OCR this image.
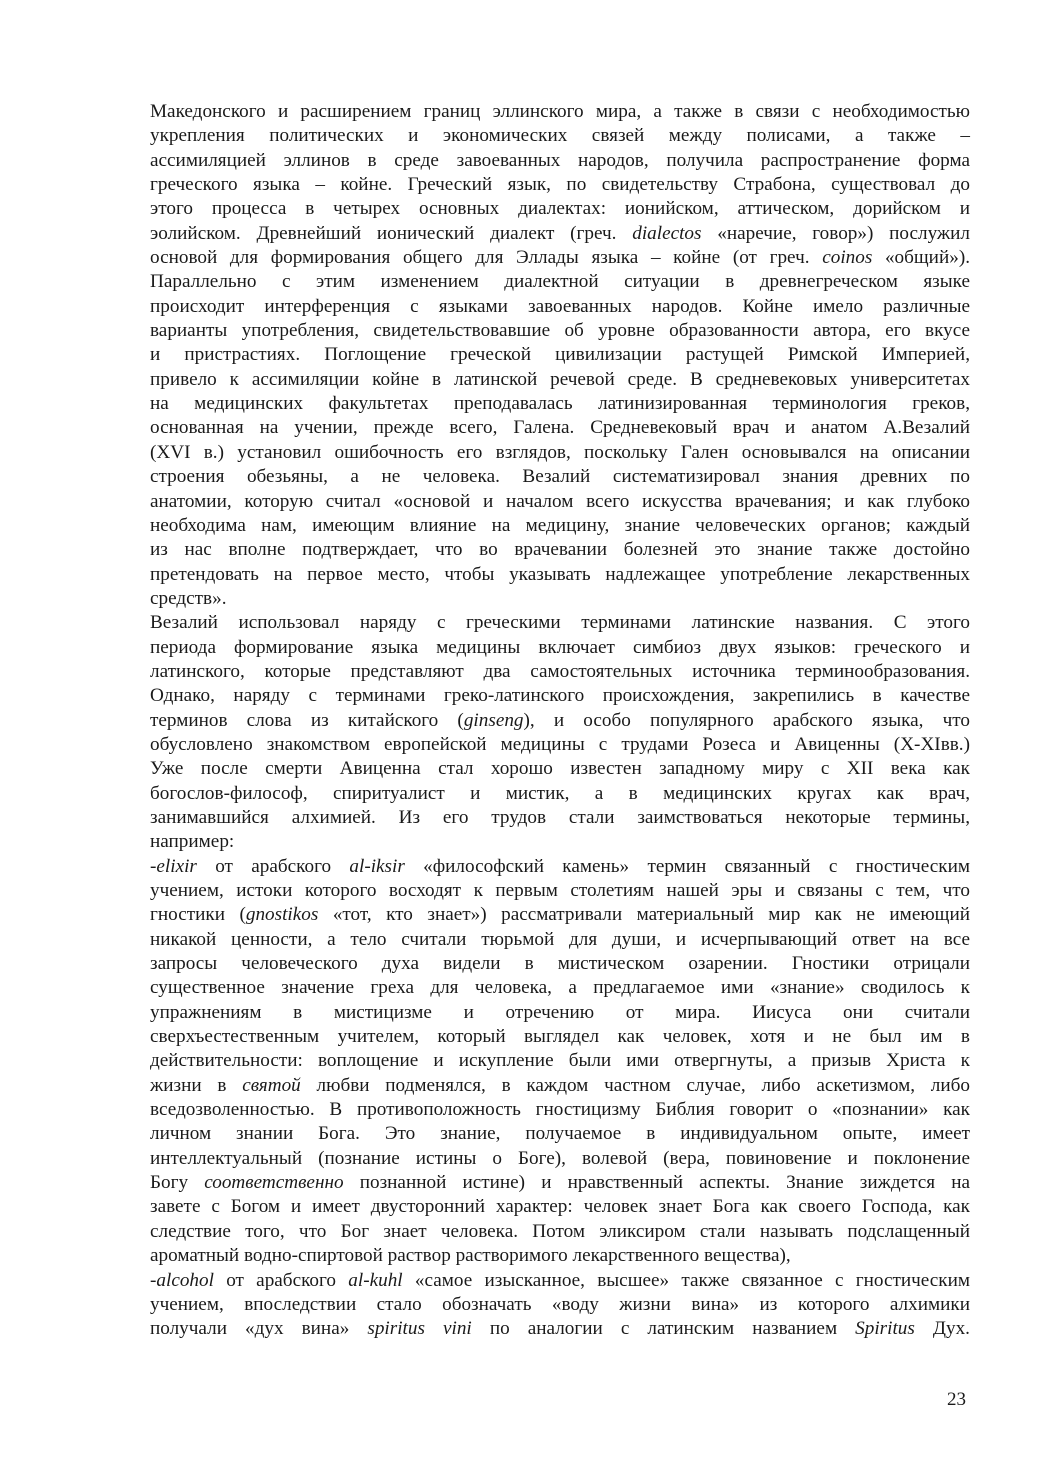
Македонского и расширением границ эллинского мира, а также в связи с необходимостью
укрепления политических и экономических связей между полисами, а также –
ассимиляцией эллинов в среде завоеванных народов, получила распространение форма
греческого языка – койне. Греческий язык, по свидетельству Страбона, существовал до
этого процесса в четырех основных диалектах: ионийском, аттическом, дорийском и
эолийском. Древнейший ионический диалект (греч. dialectos «наречие, говор») послужил
основой для формирования общего для Эллады языка – койне (от греч. coinos «общий»).
Параллельно с этим изменением диалектной ситуации в древнегреческом языке
происходит интерференция с языками завоеванных народов. Койне имело различные
варианты употребления, свидетельствовавшие об уровне образованности автора, его вкусе
и пристрастиях. Поглощение греческой цивилизации растущей Римской Империей,
привело к ассимиляции койне в латинской речевой среде. В средневековых университетах
на медицинских факультетах преподавалась латинизированная терминология греков,
основанная на учении, прежде всего, Галена. Средневековый врач и анатом А.Везалий
(XVI в.) установил ошибочность его взглядов, поскольку Гален основывался на описании
строения обезьяны, а не человека. Везалий систематизировал знания древних по
анатомии, которую считал «основой и началом всего искусства врачевания; и как глубоко
необходима нам, имеющим влияние на медицину, знание человеческих органов; каждый
из нас вполне подтверждает, что во врачевании болезней это знание также достойно
претендовать на первое место, чтобы указывать надлежащее употребление лекарственных
средств».
Везалий использовал наряду с греческими терминами латинские названия. С этого
периода формирование языка медицины включает симбиоз двух языков: греческого и
латинского, которые представляют два самостоятельных источника терминообразования.
Однако, наряду с терминами греко-латинского происхождения, закрепились в качестве
терминов слова из китайского (ginseng), и особо популярного арабского языка, что
обусловлено знакомством европейской медицины с трудами Розеса и Авиценны (X-XIвв.)
Уже после смерти Авиценна стал хорошо известен западному миру с XII века как
богослов-философ, спиритуалист и мистик, а в медицинских кругах как врач,
занимавшийся алхимией. Из его трудов стали заимствоваться некоторые термины,
например:
-elixir от арабского al-iksir «философский камень» термин связанный с гностическим
учением, истоки которого восходят к первым столетиям нашей эры и связаны с тем, что
гностики (gnostikos «тот, кто знает») рассматривали материальный мир как не имеющий
никакой ценности, а тело считали тюрьмой для души, и исчерпывающий ответ на все
запросы человеческого духа видели в мистическом озарении. Гностики отрицали
существенное значение греха для человека, а предлагаемое ими «знание» сводилось к
упражнениям в мистицизме и отречению от мира. Иисуса они считали
сверхъестественным учителем, который выглядел как человек, хотя и не был им в
действительности: воплощение и искупление были ими отвергнуты, а призыв Христа к
жизни в святой любви подменялся, в каждом частном случае, либо аскетизмом, либо
вседозволенностью. В противоположность гностицизму Библия говорит о «познании» как
личном знании Бога. Это знание, получаемое в индивидуальном опыте, имеет
интеллектуальный (познание истины о Боге), волевой (вера, повиновение и поклонение
Богу соответственно познанной истине) и нравственный аспекты. Знание зиждется на
завете с Богом и имеет двусторонний характер: человек знает Бога как своего Господа, как
следствие того, что Бог знает человека. Потом эликсиром стали называть подслащенный
ароматный водно-спиртовой раствор растворимого лекарственного вещества),
-alcohol от арабского al-kuhl «самое изысканное, высшее» также связанное с гностическим
учением, впоследствии стало обозначать «воду жизни вина» из которого алхимики
получали «дух вина» spiritus vini по аналогии с латинским названием Spiritus Дух.
23
